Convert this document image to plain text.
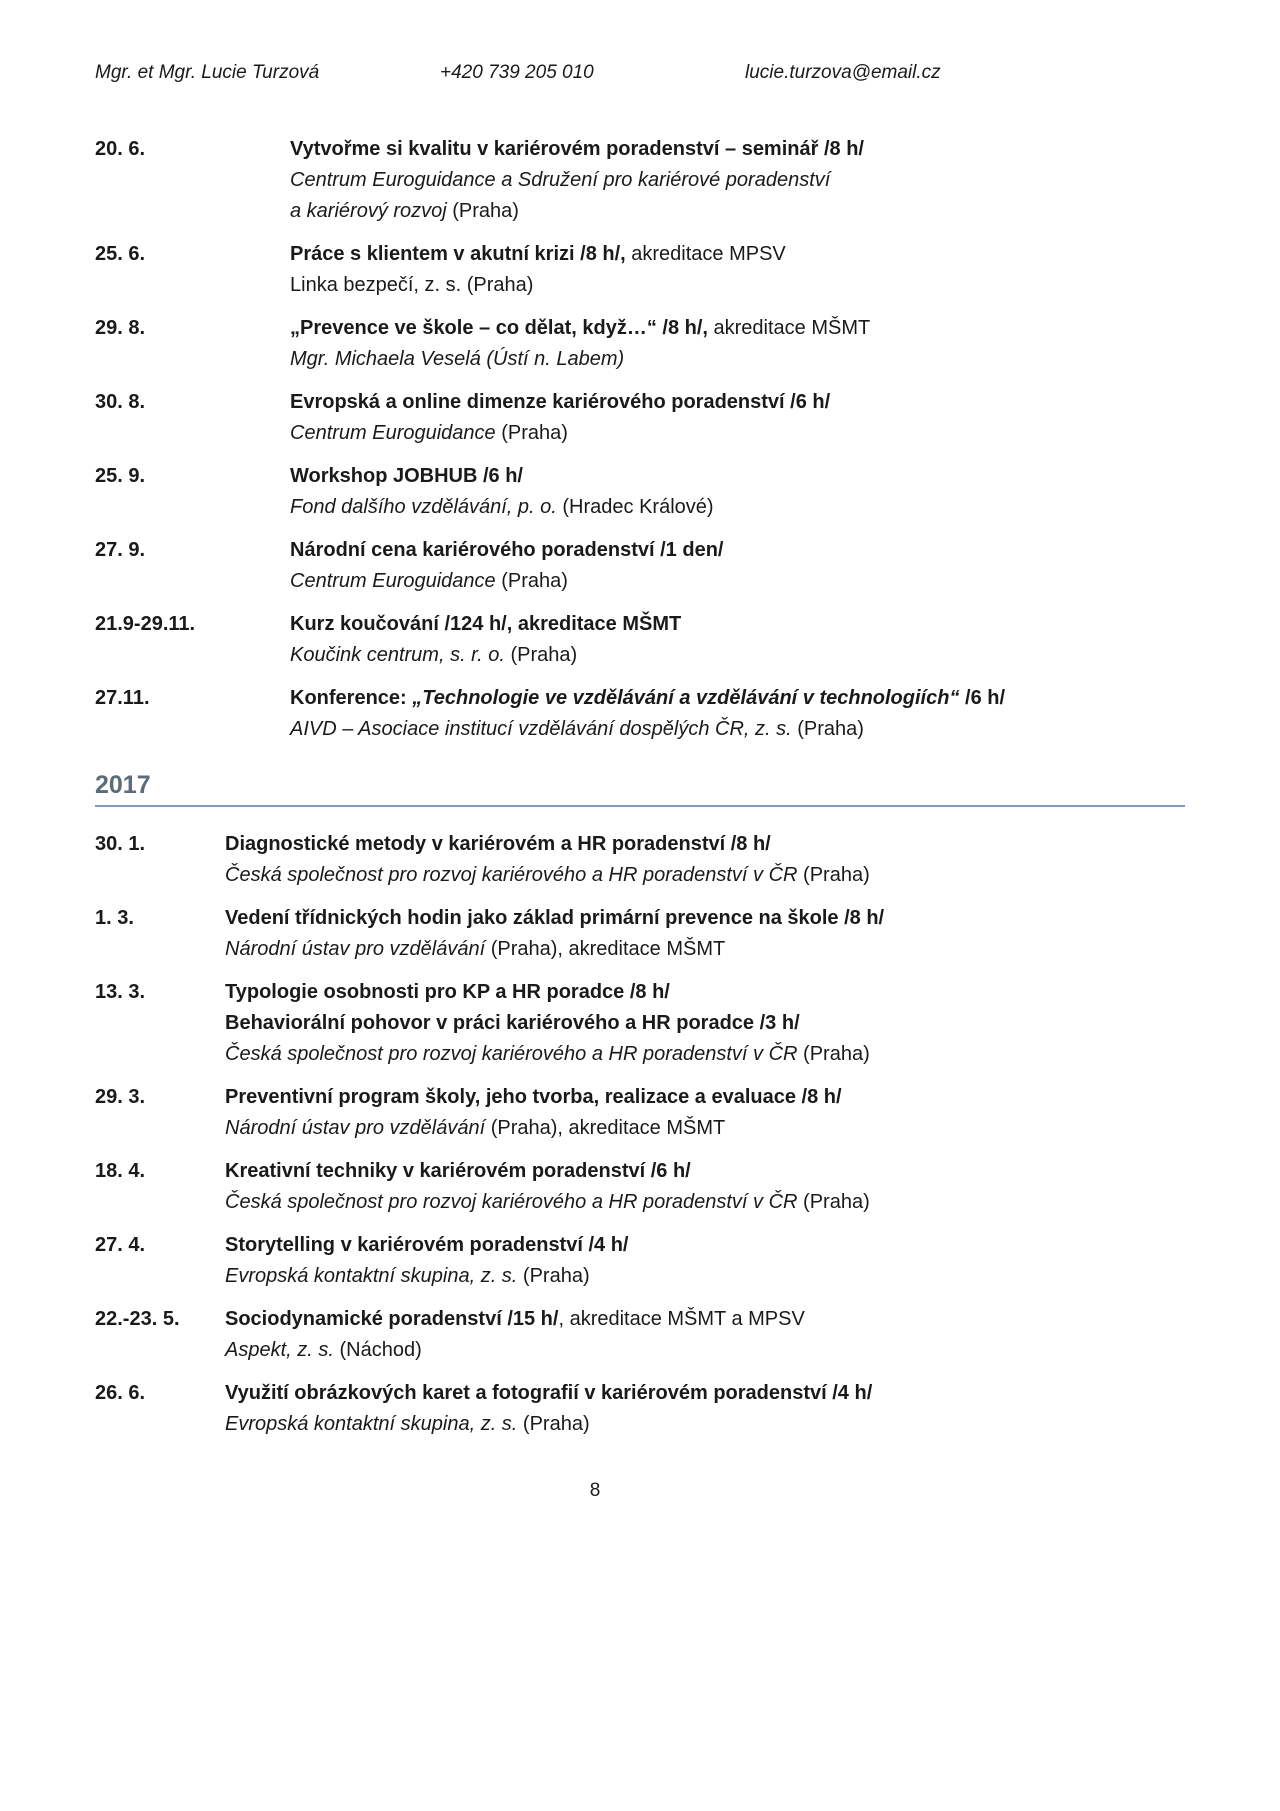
Mgr. et Mgr. Lucie Turzová	+420 739 205 010	lucie.turzova@email.cz
20. 6.	Vytvořme si kvalitu v kariérovém poradenství – seminář /8 h/
Centrum Euroguidance a Sdružení pro kariérové poradenství
a kariérový rozvoj (Praha)
25. 6.	Práce s klientem v akutní krizi /8 h/, akreditace MPSV
Linka bezpečí, z. s. (Praha)
29. 8.	„Prevence ve škole – co dělat, když…“ /8 h/, akreditace MŠMT
Mgr. Michaela Veselá (Ústí n. Labem)
30. 8.	Evropská a online dimenze kariérového poradenství /6 h/
Centrum Euroguidance (Praha)
25. 9.	Workshop JOBHUB /6 h/
Fond dalšího vzdělávání, p. o. (Hradec Králové)
27. 9.	Národní cena kariérového poradenství /1 den/
Centrum Euroguidance (Praha)
21.9-29.11.	Kurz koučování /124 h/, akreditace MŠMT
Koučink centrum, s. r. o. (Praha)
27.11.	Konference: „Technologie ve vzdělávání a vzdělávání v technologiích“ /6 h/
AIVD – Asociace institucí vzdělávání dospělých ČR, z. s. (Praha)
2017
30. 1.	Diagnostické metody v kariérovém a HR poradenství /8 h/
Česká společnost pro rozvoj kariérového a HR poradenství v ČR (Praha)
1. 3.	Vedení třídnických hodin jako základ primární prevence na škole /8 h/
Národní ústav pro vzdělávání (Praha), akreditace MŠMT
13. 3.	Typologie osobnosti pro KP a HR poradce /8 h/
Behaviorální pohovor v práci kariérového a HR poradce /3 h/
Česká společnost pro rozvoj kariérového a HR poradenství v ČR (Praha)
29. 3.	Preventivní program školy, jeho tvorba, realizace a evaluace /8 h/
Národní ústav pro vzdělávání (Praha), akreditace MŠMT
18. 4.	Kreativní techniky v kariérovém poradenství /6 h/
Česká společnost pro rozvoj kariérového a HR poradenství v ČR (Praha)
27. 4.	Storytelling v kariérovém poradenství /4 h/
Evropská kontaktní skupina, z. s. (Praha)
22.-23. 5.	Sociodynamické poradenství /15 h/, akreditace MŠMT a MPSV
Aspekt, z. s. (Náchod)
26. 6.	Využití obrázkových karet a fotografií v kariérovém poradenství /4 h/
Evropská kontaktní skupina, z. s. (Praha)
8
